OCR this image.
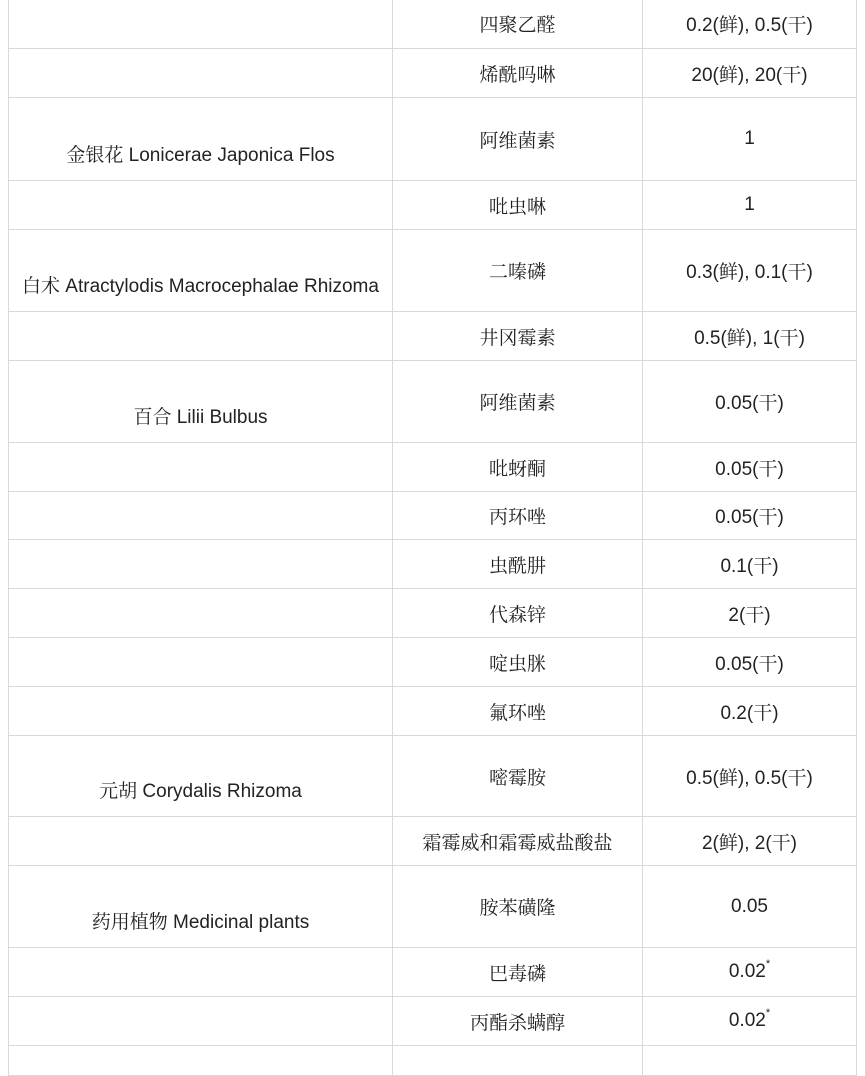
	四聚乙醛	0.2(鲜), 0.5(干)
	烯酰吗啉	20(鲜), 20(干)
金银花 Lonicerae Japonica Flos	阿维菌素	1
	吡虫啉	1
白术 Atractylodis Macrocephalae Rhizoma	二嗪磷	0.3(鲜), 0.1(干)
	井冈霉素	0.5(鲜), 1(干)
百合 Lilii Bulbus	阿维菌素	0.05(干)
	吡蚜酮	0.05(干)
	丙环唑	0.05(干)
	虫酰肼	0.1(干)
	代森锌	2(干)
	啶虫脒	0.05(干)
	氟环唑	0.2(干)
元胡 Corydalis Rhizoma	嘧霉胺	0.5(鲜), 0.5(干)
	霜霉威和霜霉威盐酸盐	2(鲜), 2(干)
药用植物 Medicinal plants	胺苯磺隆	0.05
	巴毒磷	0.02*
	丙酯杀螨醇	0.02*
